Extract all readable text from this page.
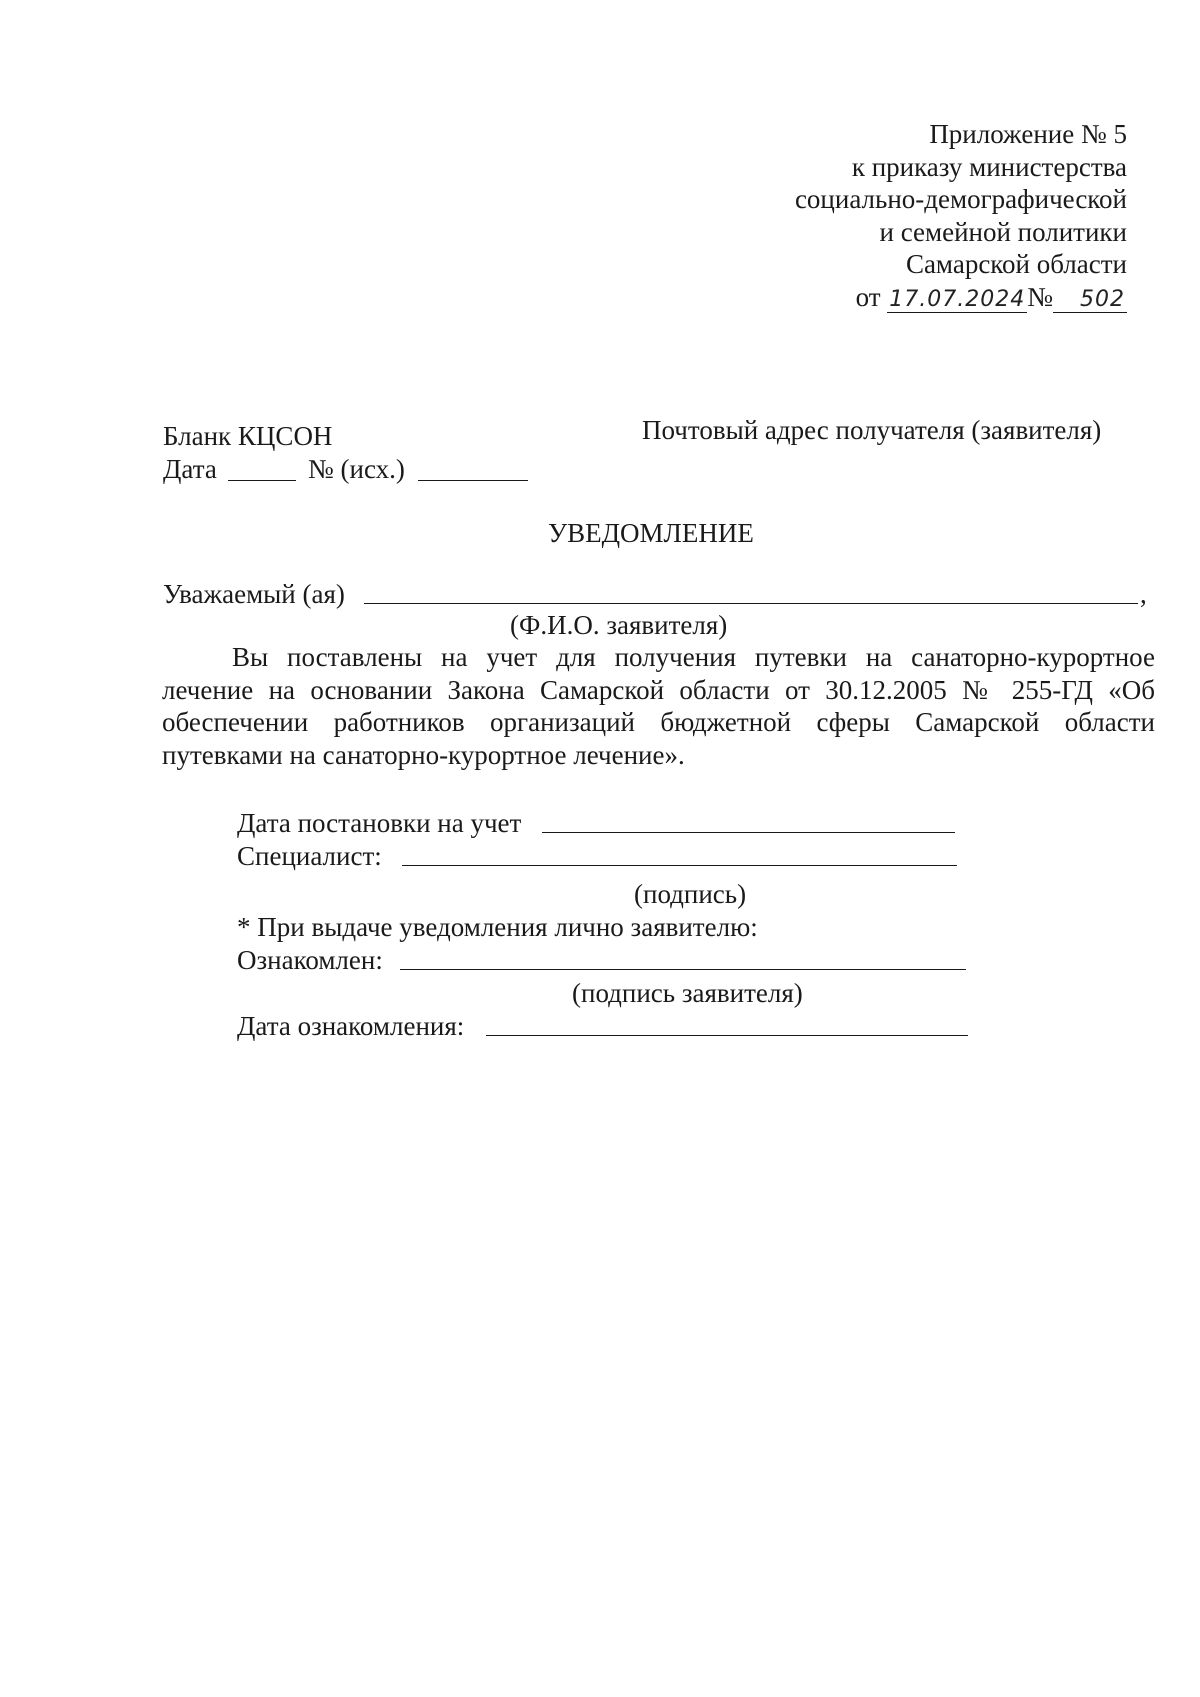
Приложение № 5
к приказу министерства
социально-демографической
и семейной политики
Самарской области
от 17.07.2024№ 502
Бланк КЦСОН
Дата	№ (исх.)
Почтовый адрес получателя (заявителя)
УВЕДОМЛЕНИЕ
Уважаемый (ая)	,
(Ф.И.О. заявителя)

Вы поставлены на учет для получения путевки на санаторно-курортное лечение на основании Закона Самарской области от 30.12.2005 № 255-ГД «Об обеспечении работников организаций бюджетной сферы Самарской области путевками на санаторно-курортное лечение».

Дата постановки на учет
Специалист:
(подпись)
* При выдаче уведомления лично заявителю:
Ознакомлен:
(подпись заявителя)
Дата ознакомления:
